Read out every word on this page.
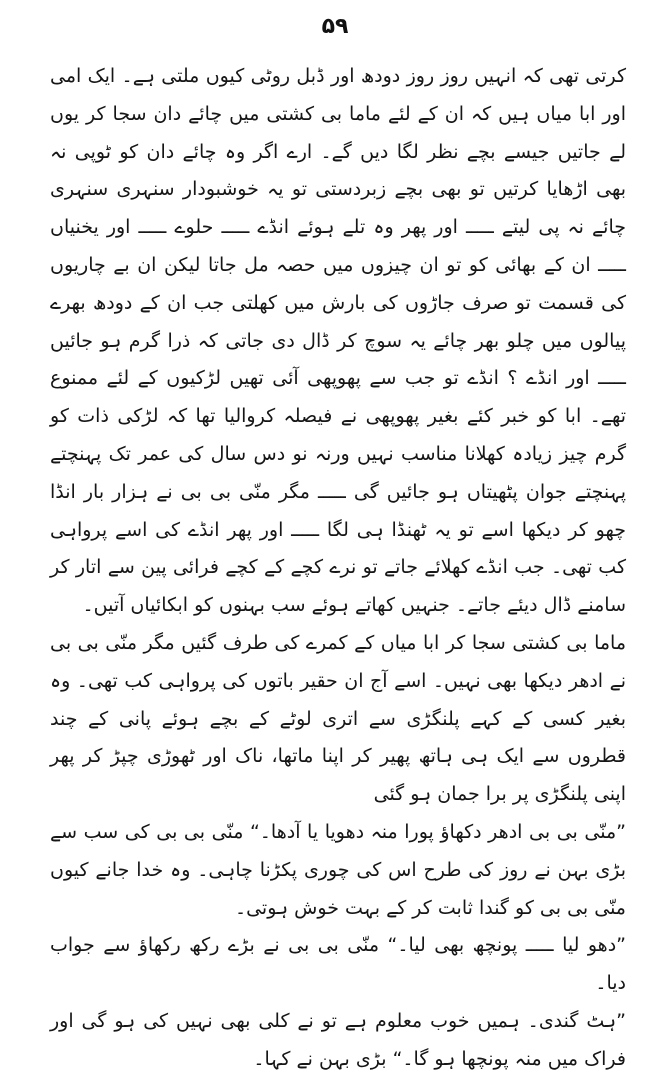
۵۹

کرتی تھی کہ انہیں روز روز دودھ اور ڈبل روٹی کیوں ملتی ہے۔ ایک امی اور ابا میاں ہیں کہ ان کے لئے ماما بی کشتی میں چائے دان سجا کر یوں لے جاتیں جیسے بچے نظر لگا دیں گے۔ ارے اگر وہ چائے دان کو ٹوپی نہ بھی اڑھایا کرتیں تو بھی بچے زبردستی تو یہ خوشبودار سنہری سنہری چائے نہ پی لیتے ـــــ اور پھر وہ تلے ہوئے انڈے ـــــ حلوے ـــــ اور یخنیاں ـــــ ان کے بھائی کو تو ان چیزوں میں حصہ مل جاتا لیکن ان بے چاریوں کی قسمت تو صرف جاڑوں کی بارش میں کھلتی جب ان کے دودھ بھرے پیالوں میں چلو بھر چائے یہ سوچ کر ڈال دی جاتی کہ ذرا گرم ہو جائیں ـــــ اور انڈے ؟ انڈے تو جب سے پھوپھی آئی تھیں لڑکیوں کے لئے ممنوع تھے۔ ابا کو خبر کئے بغیر پھوپھی نے فیصلہ کروالیا تھا کہ لڑکی ذات کو گرم چیز زیادہ کھلانا مناسب نہیں ورنہ نو دس سال کی عمر تک پہنچتے پہنچتے جوان پٹھیتاں ہو جائیں گی ـــــ مگر منّی بی بی نے ہزار بار انڈا چھو کر دیکھا اسے تو یہ ٹھنڈا ہی لگا ـــــ اور پھر انڈے کی اسے پرواہی کب تھی۔ جب انڈے کھلائے جاتے تو نرے کچے کے کچے فرائی پین سے اتار کر سامنے ڈال دیئے جاتے۔ جنہیں کھاتے ہوئے سب بہنوں کو ابکائیاں آتیں۔

ماما بی کشتی سجا کر ابا میاں کے کمرے کی طرف گئیں مگر منّی بی بی نے ادھر دیکھا بھی نہیں۔ اسے آج ان حقیر باتوں کی پرواہی کب تھی۔ وہ بغیر کسی کے کہے پلنگڑی سے اتری لوٹے کے بچے ہوئے پانی کے چند قطروں سے ایک ہی ہاتھ پھیر کر اپنا ماتھا، ناک اور ٹھوڑی چپڑ کر پھر اپنی پلنگڑی پر برا جمان ہو گئی

”منّی بی بی ادھر دکھاؤ پورا منہ دھویا یا آدھا۔“ منّی بی بی کی سب سے بڑی بہن نے روز کی طرح اس کی چوری پکڑنا چاہی۔ وہ خدا جانے کیوں منّی بی بی کو گندا ثابت کر کے بہت خوش ہوتی۔

”دھو لیا ـــــ پونچھ بھی لیا۔“ منّی بی بی نے بڑے رکھ رکھاؤ سے جواب دیا۔

”ہٹ گندی۔ ہمیں خوب معلوم ہے تو نے کلی بھی نہیں کی ہو گی اور فراک میں منہ پونچھا ہو گا۔“ بڑی بہن نے کہا۔
